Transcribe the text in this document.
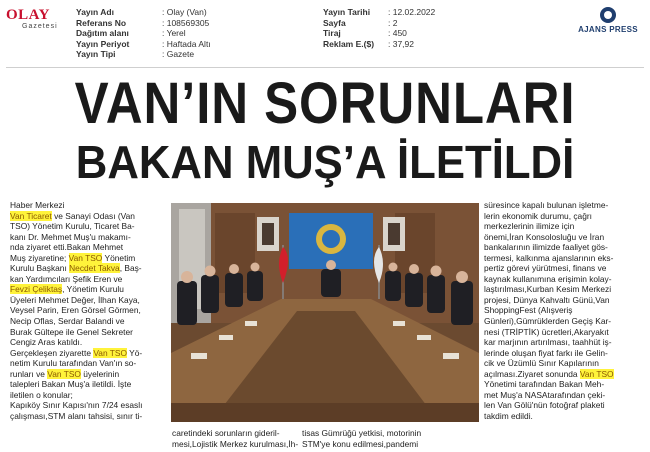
OLAY
Gazetesi
Yayın Adı	: Olay (Van)
Referans No	: 108569305
Dağıtım alanı	: Yerel
Yayın Periyot	: Haftada Altı
Yayın Tipi	: Gazete
Yayın Tarihi : 12.02.2022
Sayfa	: 2
Tiraj	: 450
Reklam E.($) : 37,92
AJANS PRESS
VAN’IN SORUNLARI
BAKAN MUŞ’A İLETİLDİ
Haber Merkezi
Van Ticaret ve Sanayi Odası (Van
TSO) Yönetim Kurulu, Ticaret Ba-
kanı Dr. Mehmet Muş'u makamı-
nda ziyaret etti.Bakan Mehmet
Muş ziyaretine; Van TSO Yönetim
Kurulu Başkanı Necdet Takva, Baş-
kan Yardımcıları Şefik Eren ve
Fevzi Çeliktaş, Yönetim Kurulu
Üyeleri Mehmet Değer, İlhan Kaya,
Veysel Parin, Eren Görsel Görmen,
Necip Oflas, Serdar Balandi ve
Burak Gültepe ile Genel Sekreter
Cengiz Aras katıldı.
Gerçekleşen ziyarette Van TSO Yö-
netim Kurulu tarafından Van'ın so-
runları ve Van TSO üyelerinin
talepleri Bakan Muş'a iletildi. İşte
iletilen o konular;
Kapıköy Sınır Kapısı'nın 7/24 esaslı
çalışması,STM alanı tahsisi, sınır ti-
caretindeki sorunların gideril-
mesi,Lojistik Merkez kurulması,İh-
tisas Gümrüğü yetkisi, motorinin
STM'ye konu edilmesi,pandemi
süresince kapalı bulunan işletme-
lerin ekonomik durumu, çağrı
merkezlerinin ilimize için
önemi,İran Konsolosluğu ve İran
bankalarının ilimizde faaliyet gös-
termesi, kalkınma ajanslarının eks-
pertiz görevi yürütmesi, finans ve
kaynak kullanımına erişimin kolay-
laştırılması,Kurban Kesim Merkezi
projesi, Dünya Kahvaltı Günü,Van
ShoppingFest (Alışveriş
Günleri),Gümrüklerden Geçiş Kar-
nesi (TRİPTİK) ücretleri,Akaryakıt
kar marjının artırılması, taahhüt iş-
lerinde oluşan fiyat farkı ile Gelin-
cik ve Üzümlü Sınır Kapılarının
açılması.Ziyaret sonunda Van TSO
Yönetimi tarafından Bakan Meh-
met Muş'a NASAtarafından çeki-
len Van Gölü'nün fotoğraf plaketi
takdim edildi.
